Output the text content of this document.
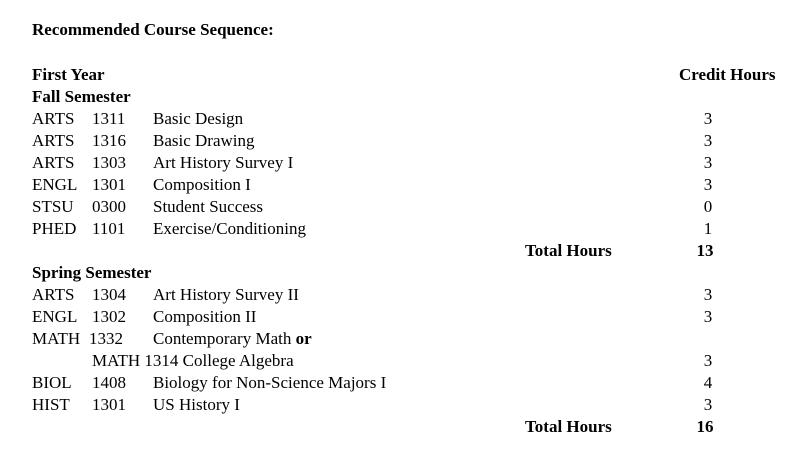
Recommended Course Sequence:
First Year	Credit Hours
Fall Semester
ARTS 1311 Basic Design	3
ARTS 1316 Basic Drawing	3
ARTS 1303 Art History Survey I	3
ENGL 1301 Composition I	3
STSU 0300 Student Success	0
PHED 1101 Exercise/Conditioning	1
Total Hours	13
Spring Semester
ARTS 1304 Art History Survey II	3
ENGL 1302 Composition II	3
MATH 1332 Contemporary Math or
MATH 1314 College Algebra	3
BIOL 1408 Biology for Non-Science Majors I	4
HIST 1301 US History I	3
Total Hours	16
